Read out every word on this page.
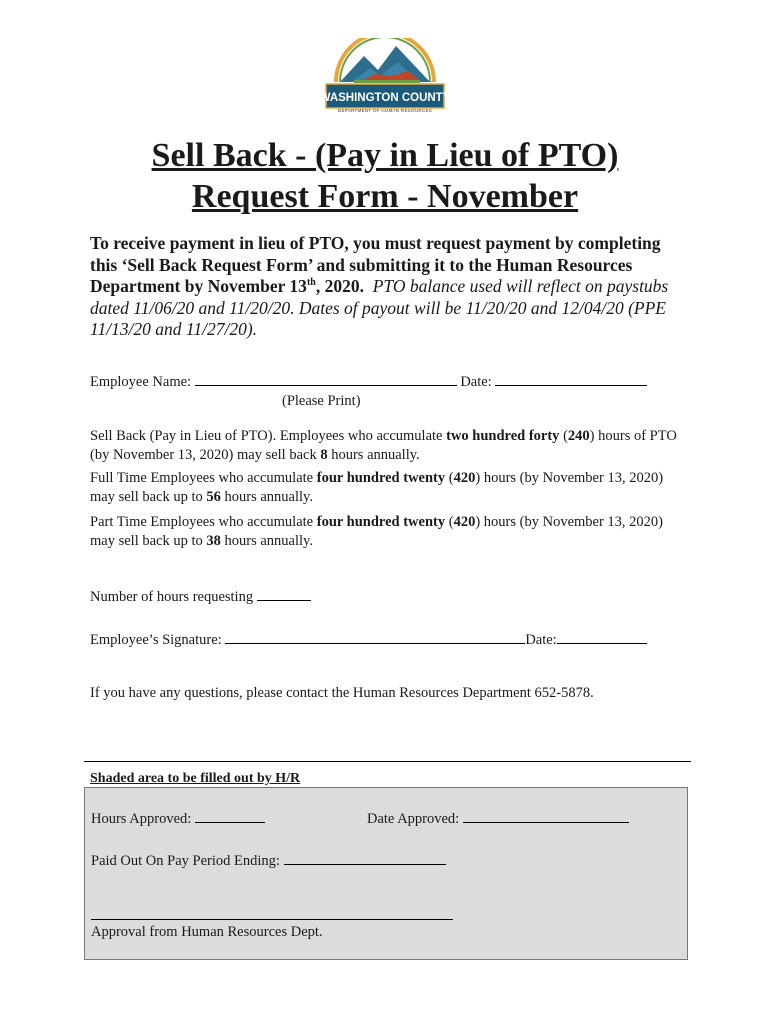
WASHINGTON COUNTY
DEPARTMENT OF HUMAN RESOURCES
Sell Back - (Pay in Lieu of PTO)
Request Form - November
To receive payment in lieu of PTO, you must request payment by completing this ‘Sell Back Request Form’ and submitting it to the Human Resources Department by November 13th, 2020. PTO balance used will reflect on paystubs dated 11/06/20 and 11/20/20. Dates of payout will be 11/20/20 and 12/04/20 (PPE 11/13/20 and 11/27/20).
Employee Name:	Date:
(Please Print)
Sell Back (Pay in Lieu of PTO). Employees who accumulate two hundred forty (240) hours of PTO (by November 13, 2020) may sell back 8 hours annually.
Full Time Employees who accumulate four hundred twenty (420) hours (by November 13, 2020) may sell back up to 56 hours annually.
Part Time Employees who accumulate four hundred twenty (420) hours (by November 13, 2020) may sell back up to 38 hours annually.
Number of hours requesting
Employee’s Signature:	Date:
If you have any questions, please contact the Human Resources Department 652-5878.
Shaded area to be filled out by H/R
Hours Approved:	Date Approved:
Paid Out On Pay Period Ending:
Approval from Human Resources Dept.
